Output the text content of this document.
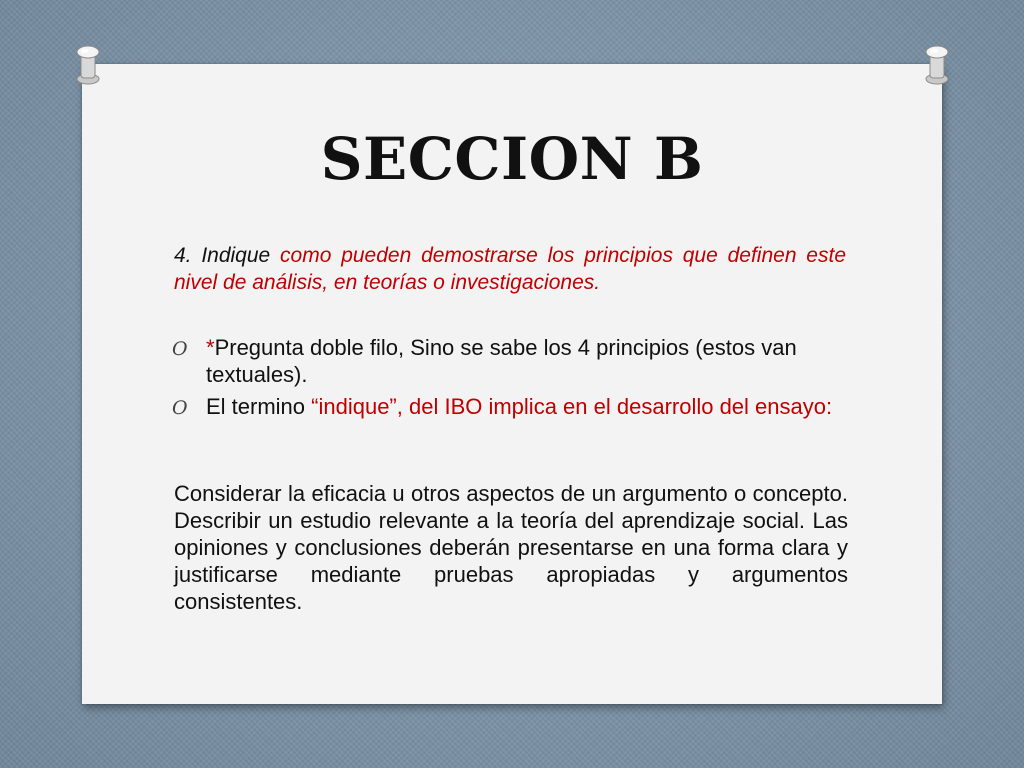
SECCION B

4. Indique como pueden demostrarse los principios que definen este nivel de análisis, en teorías o investigaciones.

O *Pregunta doble filo, Sino se sabe los 4 principios (estos van textuales).
O El termino “indique”, del IBO implica en el desarrollo del ensayo:

Considerar la eficacia u otros aspectos de un argumento o concepto. Describir un estudio relevante a la teoría del aprendizaje social. Las opiniones y conclusiones deberán presentarse en una forma clara y justificarse mediante pruebas apropiadas y argumentos consistentes.
